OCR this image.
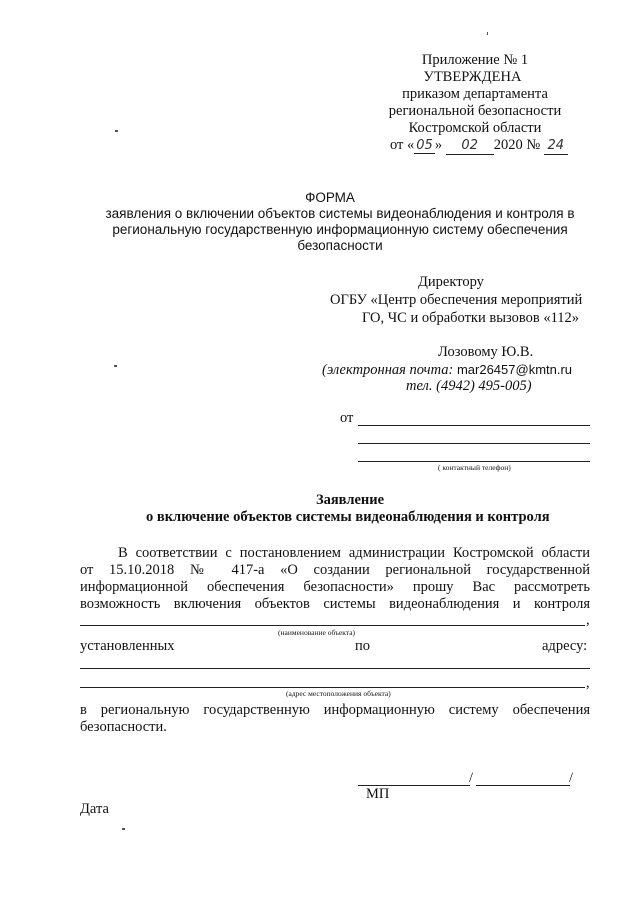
Приложение № 1
УТВЕРЖДЕНА
приказом департамента
региональной безопасности
Костромской области
от « 05 » 02 2020 № 24
ФОРМА
заявления о включении объектов системы видеонаблюдения и контроля в
региональную государственную информационную систему обеспечения
безопасности
Директору
ОГБУ «Центр обеспечения мероприятий
ГО, ЧС и обработки вызовов «112»
Лозовому Ю.В.
(электронная почта: mar26457@kmtn.ru
тел. (4942) 495-005)
от
( контактный телефон)
Заявление
о включение объектов системы видеонаблюдения и контроля
В соответствии с постановлением администрации Костромской области
от 15.10.2018 № 417-а «О создании региональной государственной
информационной обеспечения безопасности» прошу Вас рассмотреть
возможность включения объектов системы видеонаблюдения и контроля
,
(наименование объекта)
установленных	по	адресу:
,
(адрес местоположения объекта)
в региональную государственную информационную систему обеспечения
безопасности.
/	/
МП
Дата
